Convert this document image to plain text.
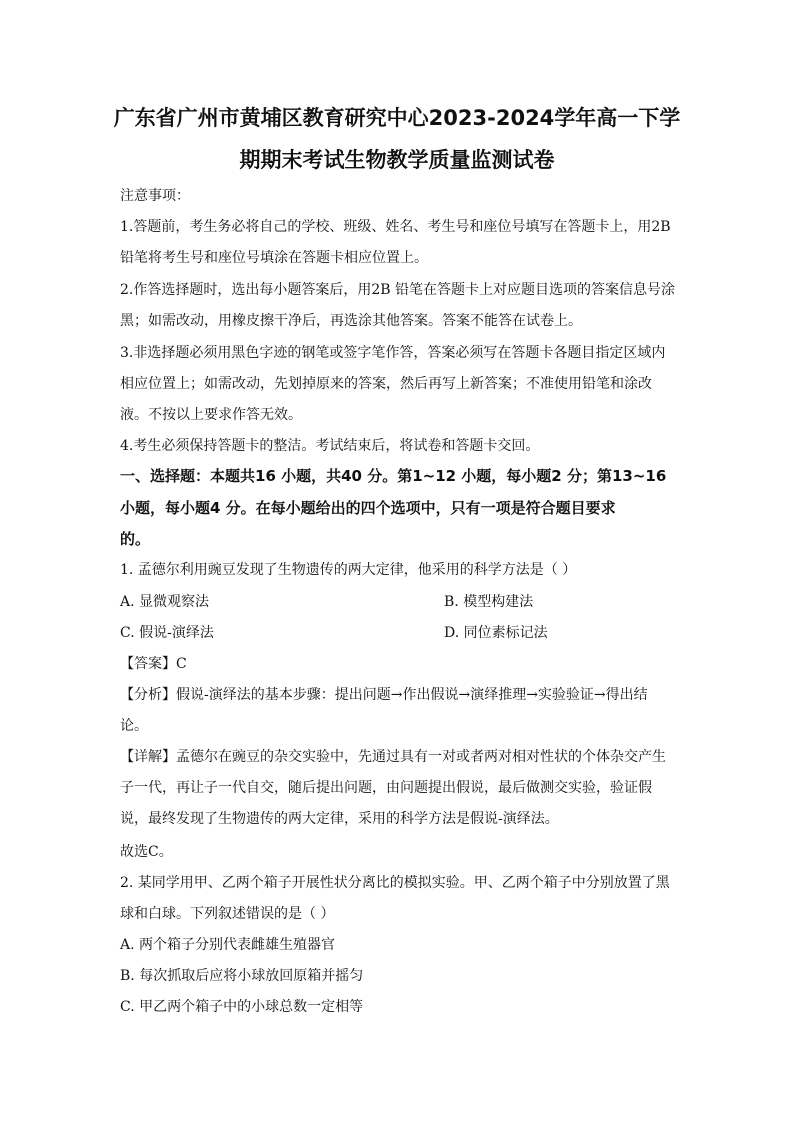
广东省广州市黄埔区教育研究中心2023-2024学年高一下学
期期末考试生物教学质量监测试卷
注意事项：
1.答题前，考生务必将自己的学校、班级、姓名、考生号和座位号填写在答题卡上，用2B
铅笔将考生号和座位号填涂在答题卡相应位置上。
2.作答选择题时，选出每小题答案后，用2B 铅笔在答题卡上对应题目选项的答案信息号涂
黑；如需改动，用橡皮擦干净后，再选涂其他答案。答案不能答在试卷上。
3.非选择题必须用黑色字迹的钢笔或签字笔作答，答案必须写在答题卡各题目指定区域内
相应位置上；如需改动，先划掉原来的答案，然后再写上新答案；不准使用铅笔和涂改
液。不按以上要求作答无效。
4.考生必须保持答题卡的整洁。考试结束后，将试卷和答题卡交回。
一、选择题：本题共16 小题，共40 分。第1~12 小题，每小题2 分；第13~16
小题，每小题4 分。在每小题给出的四个选项中，只有一项是符合题目要求
的。
1. 孟德尔利用豌豆发现了生物遗传的两大定律，他采用的科学方法是（ ）
A. 显微观察法	B. 模型构建法
C. 假说-演绎法	D. 同位素标记法
【答案】C
【分析】假说-演绎法的基本步骤：提出问题→作出假说→演绎推理→实验验证→得出结
论。
【详解】孟德尔在豌豆的杂交实验中，先通过具有一对或者两对相对性状的个体杂交产生
子一代，再让子一代自交，随后提出问题，由问题提出假说，最后做测交实验，验证假
说，最终发现了生物遗传的两大定律，采用的科学方法是假说-演绎法。
故选C。
2. 某同学用甲、乙两个箱子开展性状分离比的模拟实验。甲、乙两个箱子中分别放置了黑
球和白球。下列叙述错误的是（ ）
A. 两个箱子分别代表雌雄生殖器官
B. 每次抓取后应将小球放回原箱并摇匀
C. 甲乙两个箱子中的小球总数一定相等
